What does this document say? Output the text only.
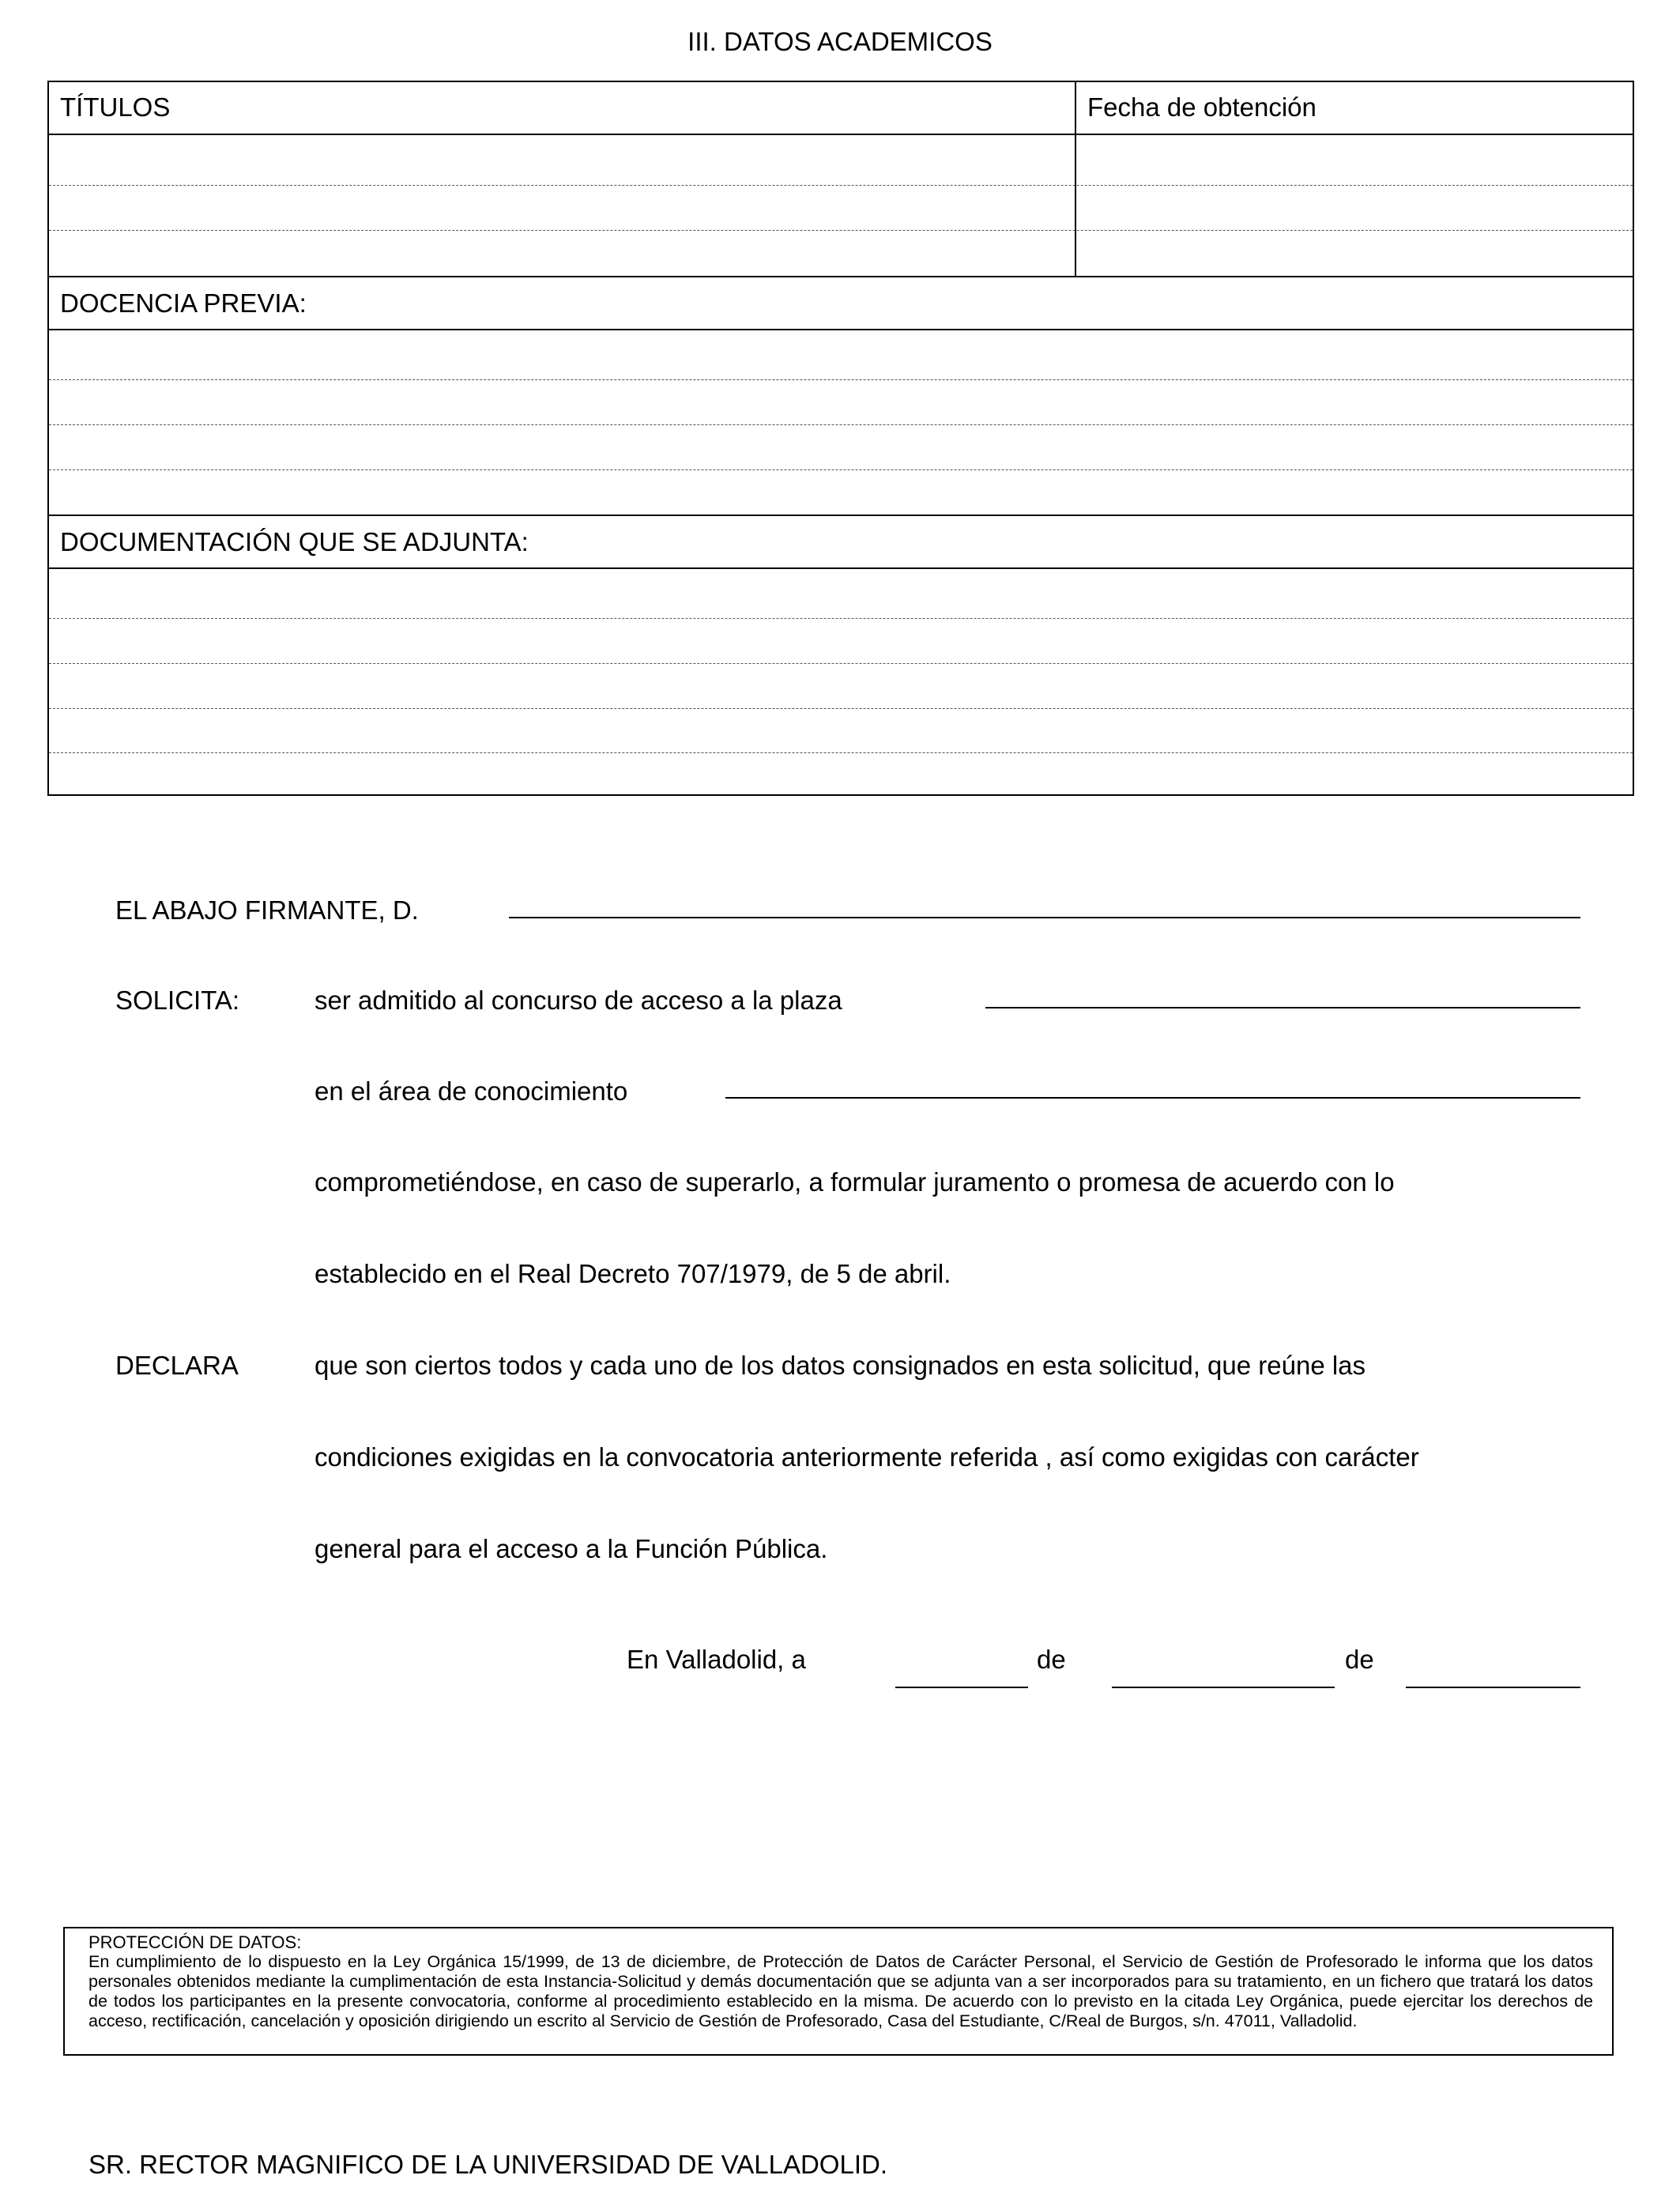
III. DATOS ACADEMICOS
TÍTULOS	Fecha de obtención
DOCENCIA PREVIA:
DOCUMENTACIÓN QUE SE ADJUNTA:
EL ABAJO FIRMANTE, D.
SOLICITA:	ser admitido al concurso de acceso a la plaza
en el área de conocimiento
comprometiéndose, en caso de superarlo, a formular juramento o promesa de acuerdo con lo
establecido en el Real Decreto 707/1979, de 5 de abril.
DECLARA	que son ciertos todos y cada uno de los datos consignados en esta solicitud, que reúne las
condiciones exigidas en la convocatoria anteriormente referida , así como exigidas con carácter
general para el acceso a la Función Pública.
En Valladolid, a	de	de
PROTECCIÓN DE DATOS:
En cumplimiento de lo dispuesto en la Ley Orgánica 15/1999, de 13 de diciembre, de Protección de Datos de Carácter Personal, el Servicio de Gestión de Profesorado le informa que los datos personales obtenidos mediante la cumplimentación de esta Instancia-Solicitud y demás documentación que se adjunta van a ser incorporados para su tratamiento, en un fichero que tratará los datos de todos los participantes en la presente convocatoria, conforme al procedimiento establecido en la misma. De acuerdo con lo previsto en la citada Ley Orgánica, puede ejercitar los derechos de acceso, rectificación, cancelación y oposición dirigiendo un escrito al Servicio de Gestión de Profesorado, Casa del Estudiante, C/Real de Burgos, s/n. 47011, Valladolid.
SR. RECTOR MAGNIFICO DE LA UNIVERSIDAD DE VALLADOLID.
